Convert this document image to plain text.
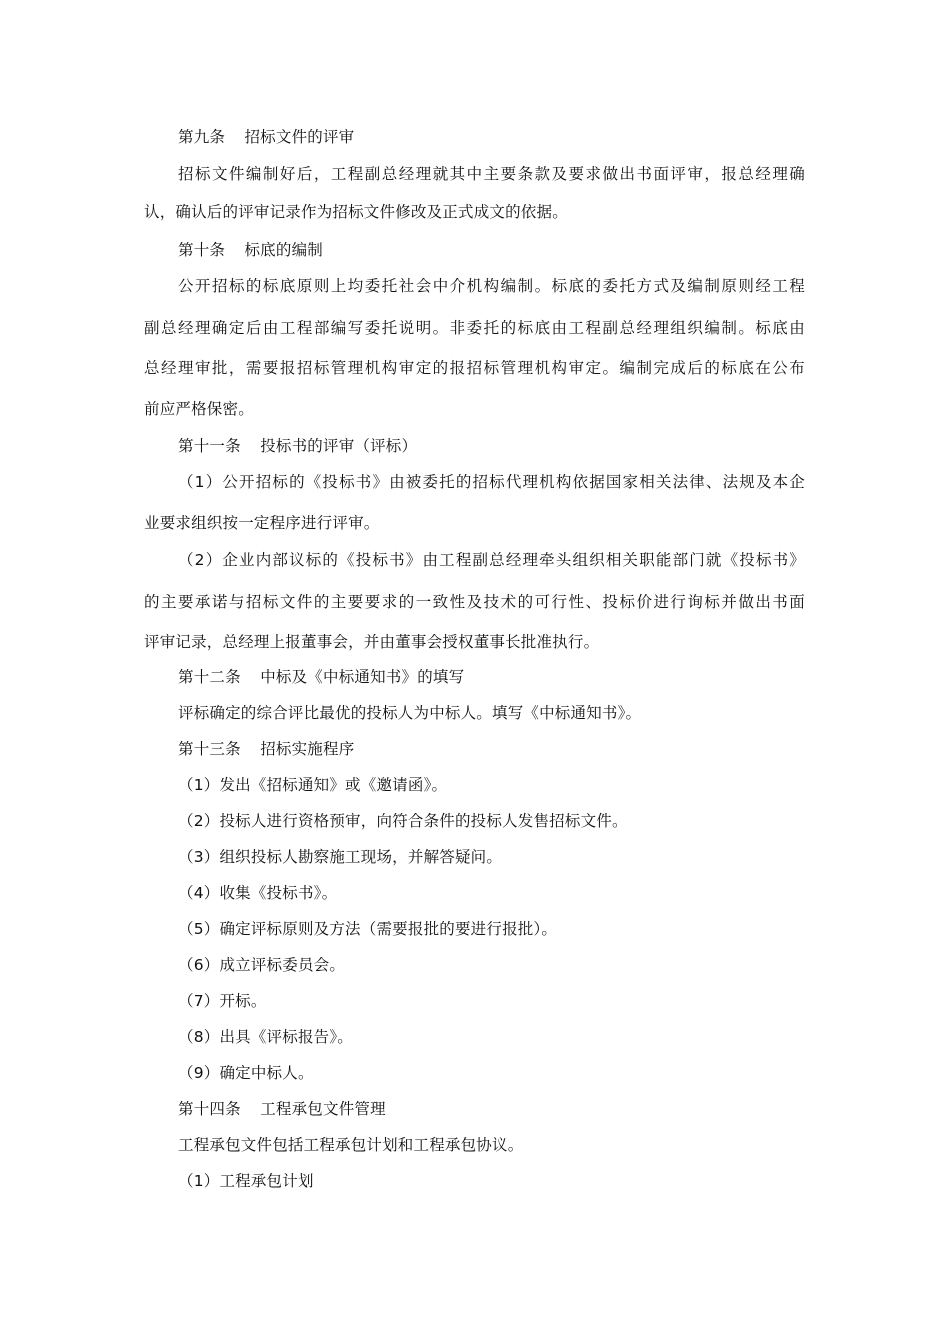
第九条 招标文件的评审
招标文件编制好后，工程副总经理就其中主要条款及要求做出书面评审，报总经理确
认，确认后的评审记录作为招标文件修改及正式成文的依据。
第十条 标底的编制
公开招标的标底原则上均委托社会中介机构编制。标底的委托方式及编制原则经工程
副总经理确定后由工程部编写委托说明。非委托的标底由工程副总经理组织编制。标底由
总经理审批，需要报招标管理机构审定的报招标管理机构审定。编制完成后的标底在公布
前应严格保密。
第十一条 投标书的评审（评标）
（1）公开招标的《投标书》由被委托的招标代理机构依据国家相关法律、法规及本企
业要求组织按一定程序进行评审。
（2）企业内部议标的《投标书》由工程副总经理牵头组织相关职能部门就《投标书》
的主要承诺与招标文件的主要要求的一致性及技术的可行性、投标价进行询标并做出书面
评审记录，总经理上报董事会，并由董事会授权董事长批准执行。
第十二条 中标及《中标通知书》的填写
评标确定的综合评比最优的投标人为中标人。填写《中标通知书》。
第十三条 招标实施程序
（1）发出《招标通知》或《邀请函》。
（2）投标人进行资格预审，向符合条件的投标人发售招标文件。
（3）组织投标人勘察施工现场，并解答疑问。
（4）收集《投标书》。
（5）确定评标原则及方法（需要报批的要进行报批）。
（6）成立评标委员会。
（7）开标。
（8）出具《评标报告》。
（9）确定中标人。
第十四条 工程承包文件管理
工程承包文件包括工程承包计划和工程承包协议。
（1）工程承包计划
